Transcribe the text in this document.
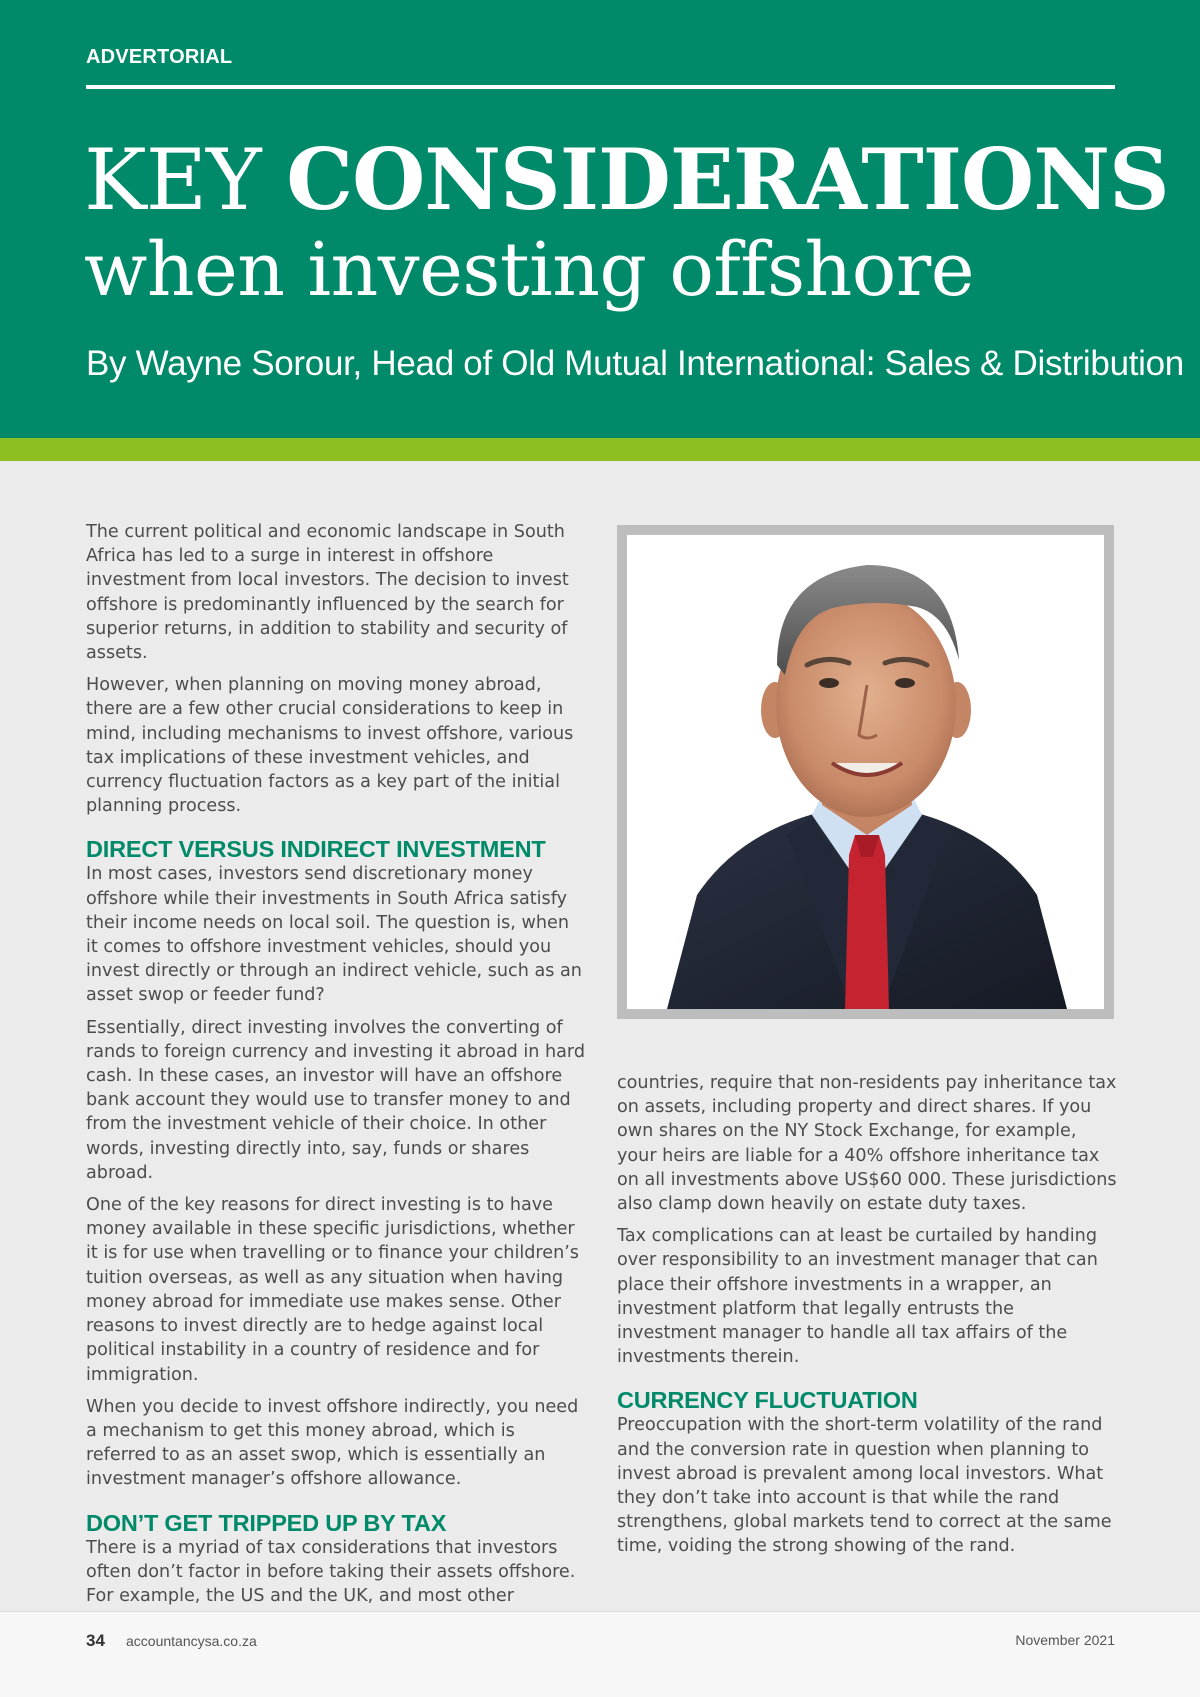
ADVERTORIAL
KEY CONSIDERATIONS
when investing offshore
By Wayne Sorour, Head of Old Mutual International: Sales & Distribution

The current political and economic landscape in South Africa has led to a surge in interest in offshore investment from local investors. The decision to invest offshore is predominantly influenced by the search for superior returns, in addition to stability and security of assets.

However, when planning on moving money abroad, there are a few other crucial considerations to keep in mind, including mechanisms to invest offshore, various tax implications of these investment vehicles, and currency fluctuation factors as a key part of the initial planning process.

DIRECT VERSUS INDIRECT INVESTMENT

In most cases, investors send discretionary money offshore while their investments in South Africa satisfy their income needs on local soil. The question is, when it comes to offshore investment vehicles, should you invest directly or through an indirect vehicle, such as an asset swop or feeder fund?

Essentially, direct investing involves the converting of rands to foreign currency and investing it abroad in hard cash. In these cases, an investor will have an offshore bank account they would use to transfer money to and from the investment vehicle of their choice. In other words, investing directly into, say, funds or shares abroad.

One of the key reasons for direct investing is to have money available in these specific jurisdictions, whether it is for use when travelling or to finance your children’s tuition overseas, as well as any situation when having money abroad for immediate use makes sense. Other reasons to invest directly are to hedge against local political instability in a country of residence and for immigration.

When you decide to invest offshore indirectly, you need a mechanism to get this money abroad, which is referred to as an asset swop, which is essentially an investment manager’s offshore allowance.

DON’T GET TRIPPED UP BY TAX

There is a myriad of tax considerations that investors often don’t factor in before taking their assets offshore. For example, the US and the UK, and most other

countries, require that non-residents pay inheritance tax on assets, including property and direct shares. If you own shares on the NY Stock Exchange, for example, your heirs are liable for a 40% offshore inheritance tax on all investments above US$60 000. These jurisdictions also clamp down heavily on estate duty taxes.

Tax complications can at least be curtailed by handing over responsibility to an investment manager that can place their offshore investments in a wrapper, an investment platform that legally entrusts the investment manager to handle all tax affairs of the investments therein.

CURRENCY FLUCTUATION

Preoccupation with the short-term volatility of the rand and the conversion rate in question when planning to invest abroad is prevalent among local investors. What they don’t take into account is that while the rand strengthens, global markets tend to correct at the same time, voiding the strong showing of the rand.

34 accountancysa.co.za	November 2021
